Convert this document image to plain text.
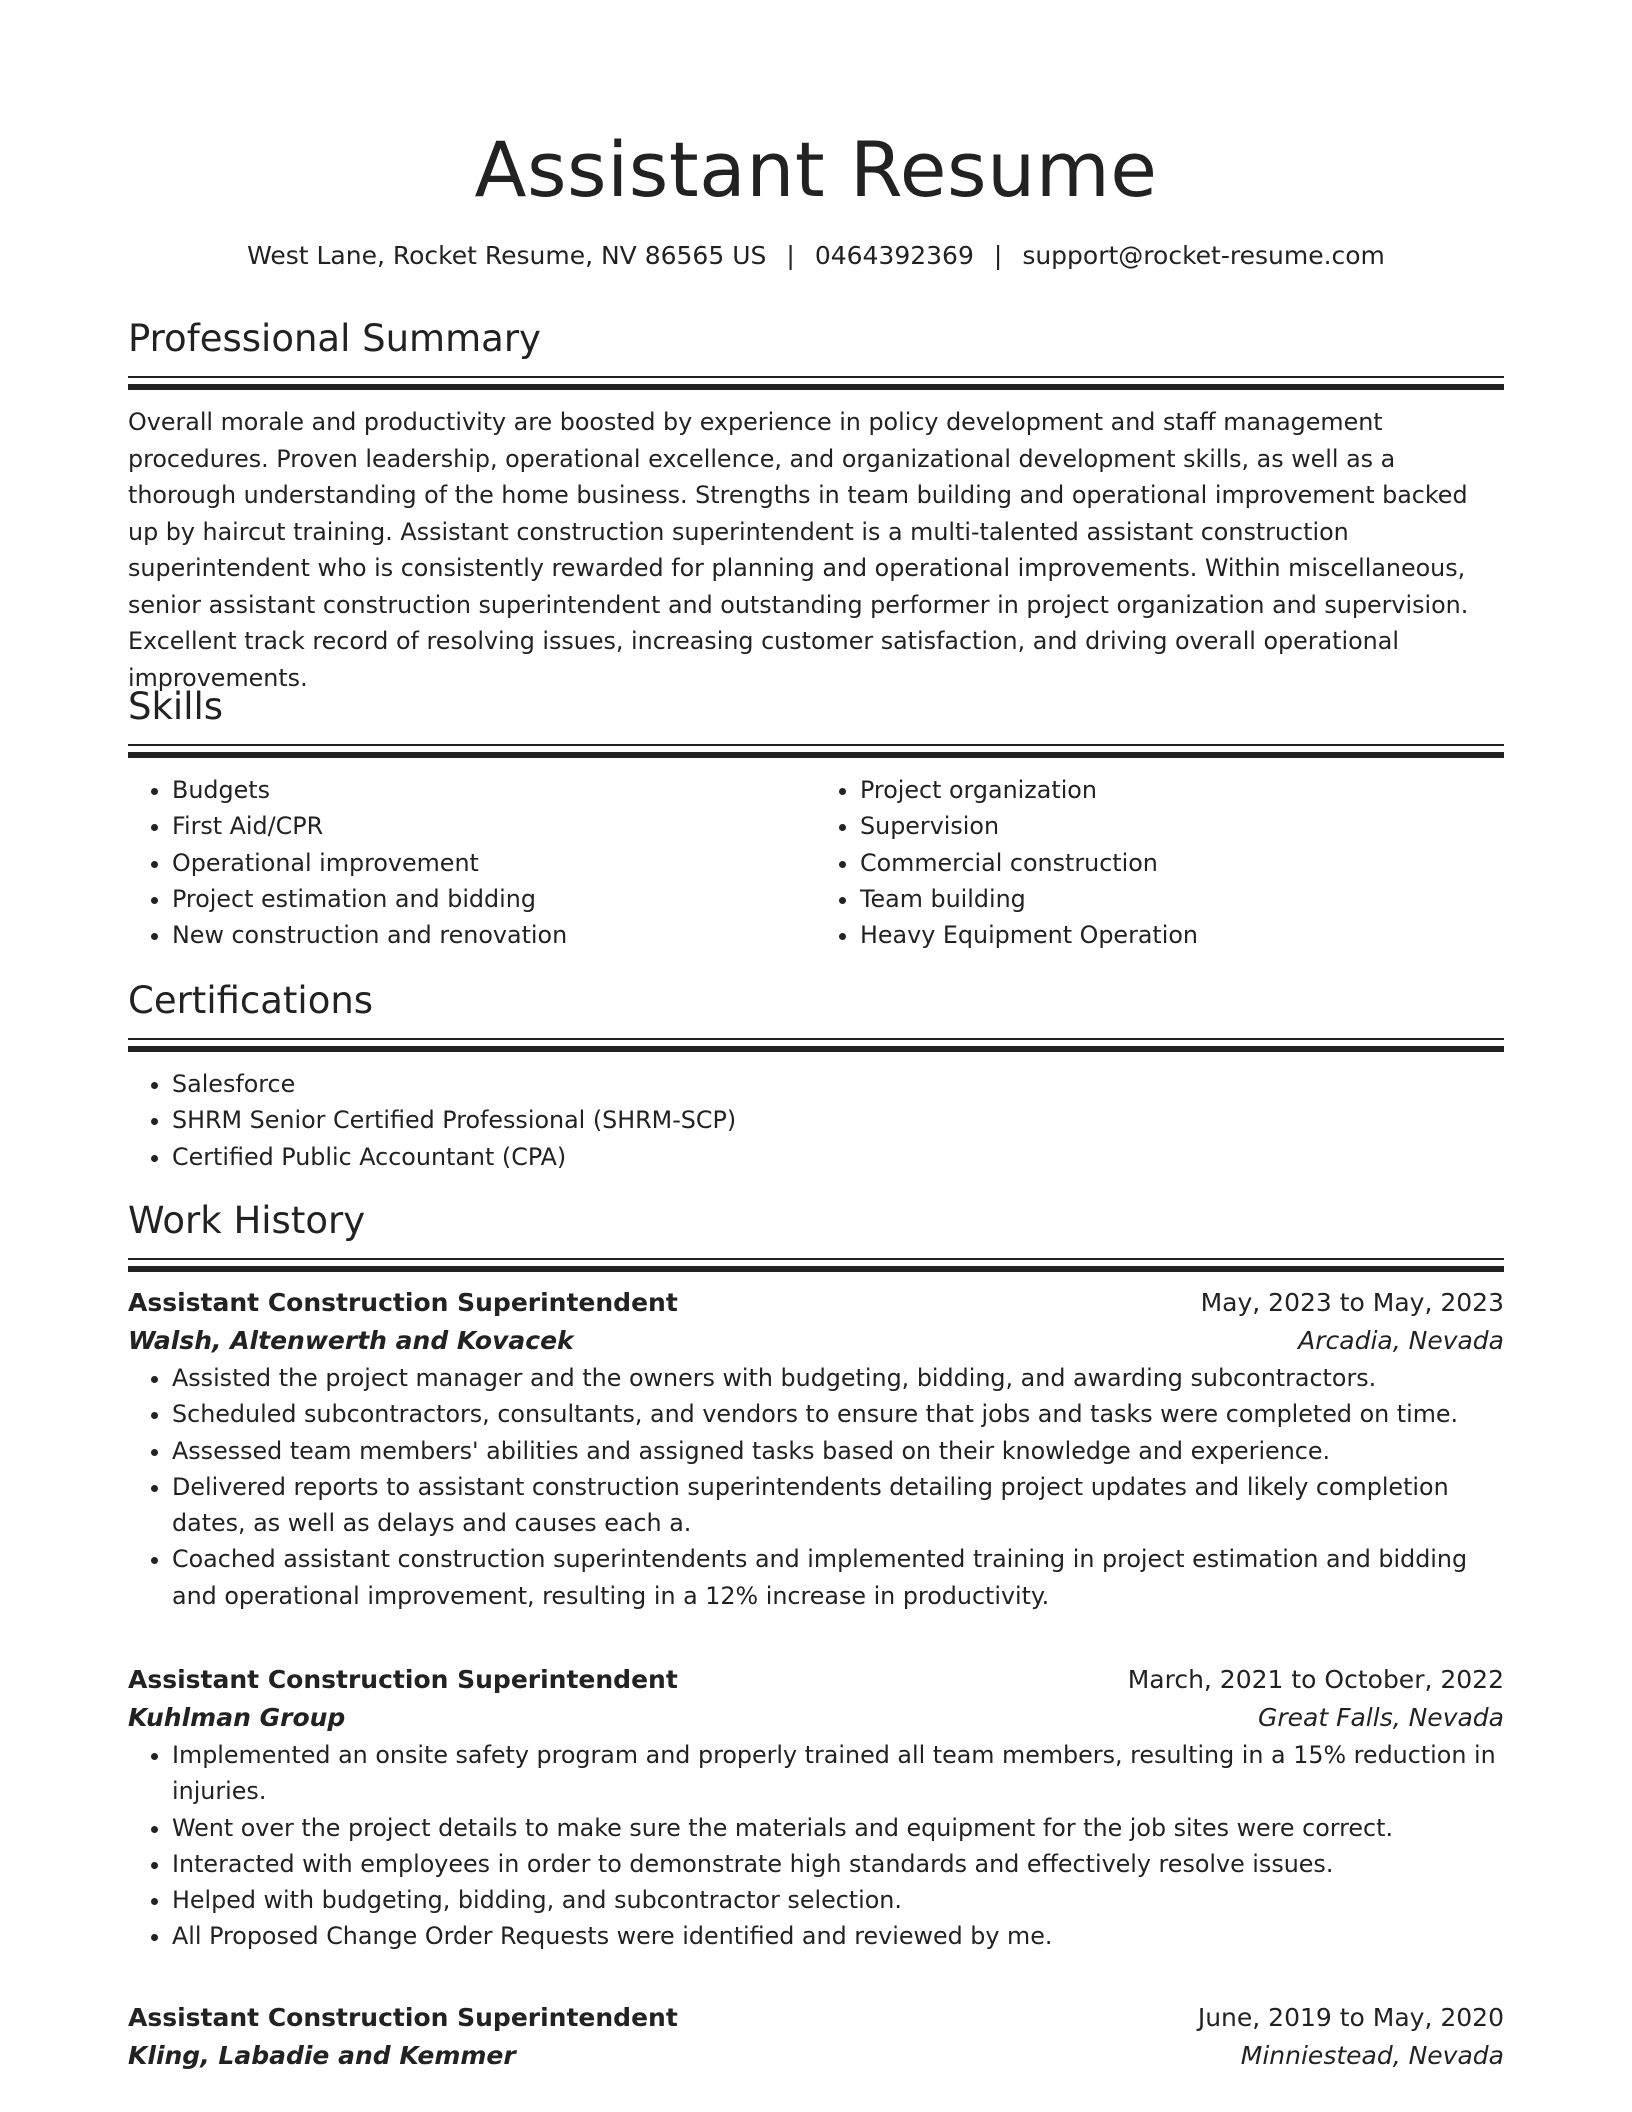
Assistant Resume
West Lane, Rocket Resume, NV 86565 US | 0464392369 | support@rocket-resume.com
Professional Summary

Overall morale and productivity are boosted by experience in policy development and staff management procedures. Proven leadership, operational excellence, and organizational development skills, as well as a thorough understanding of the home business. Strengths in team building and operational improvement backed up by haircut training. Assistant construction superintendent is a multi-talented assistant construction superintendent who is consistently rewarded for planning and operational improvements. Within miscellaneous, senior assistant construction superintendent and outstanding performer in project organization and supervision. Excellent track record of resolving issues, increasing customer satisfaction, and driving overall operational improvements.

Skills
• Budgets
• First Aid/CPR
• Operational improvement
• Project estimation and bidding
• New construction and renovation
• Project organization
• Supervision
• Commercial construction
• Team building
• Heavy Equipment Operation
Certifications
• Salesforce
• SHRM Senior Certified Professional (SHRM-SCP)
• Certified Public Accountant (CPA)
Work History
Assistant Construction Superintendent	May, 2023 to May, 2023
Walsh, Altenwerth and Kovacek	Arcadia, Nevada
• Assisted the project manager and the owners with budgeting, bidding, and awarding subcontractors.
• Scheduled subcontractors, consultants, and vendors to ensure that jobs and tasks were completed on time.
• Assessed team members' abilities and assigned tasks based on their knowledge and experience.
• Delivered reports to assistant construction superintendents detailing project updates and likely completion dates, as well as delays and causes each a.
• Coached assistant construction superintendents and implemented training in project estimation and bidding and operational improvement, resulting in a 12% increase in productivity.
Assistant Construction Superintendent	March, 2021 to October, 2022
Kuhlman Group	Great Falls, Nevada
• Implemented an onsite safety program and properly trained all team members, resulting in a 15% reduction in injuries.
• Went over the project details to make sure the materials and equipment for the job sites were correct.
• Interacted with employees in order to demonstrate high standards and effectively resolve issues.
• Helped with budgeting, bidding, and subcontractor selection.
• All Proposed Change Order Requests were identified and reviewed by me.
Assistant Construction Superintendent	June, 2019 to May, 2020
Kling, Labadie and Kemmer	Minniestead, Nevada
